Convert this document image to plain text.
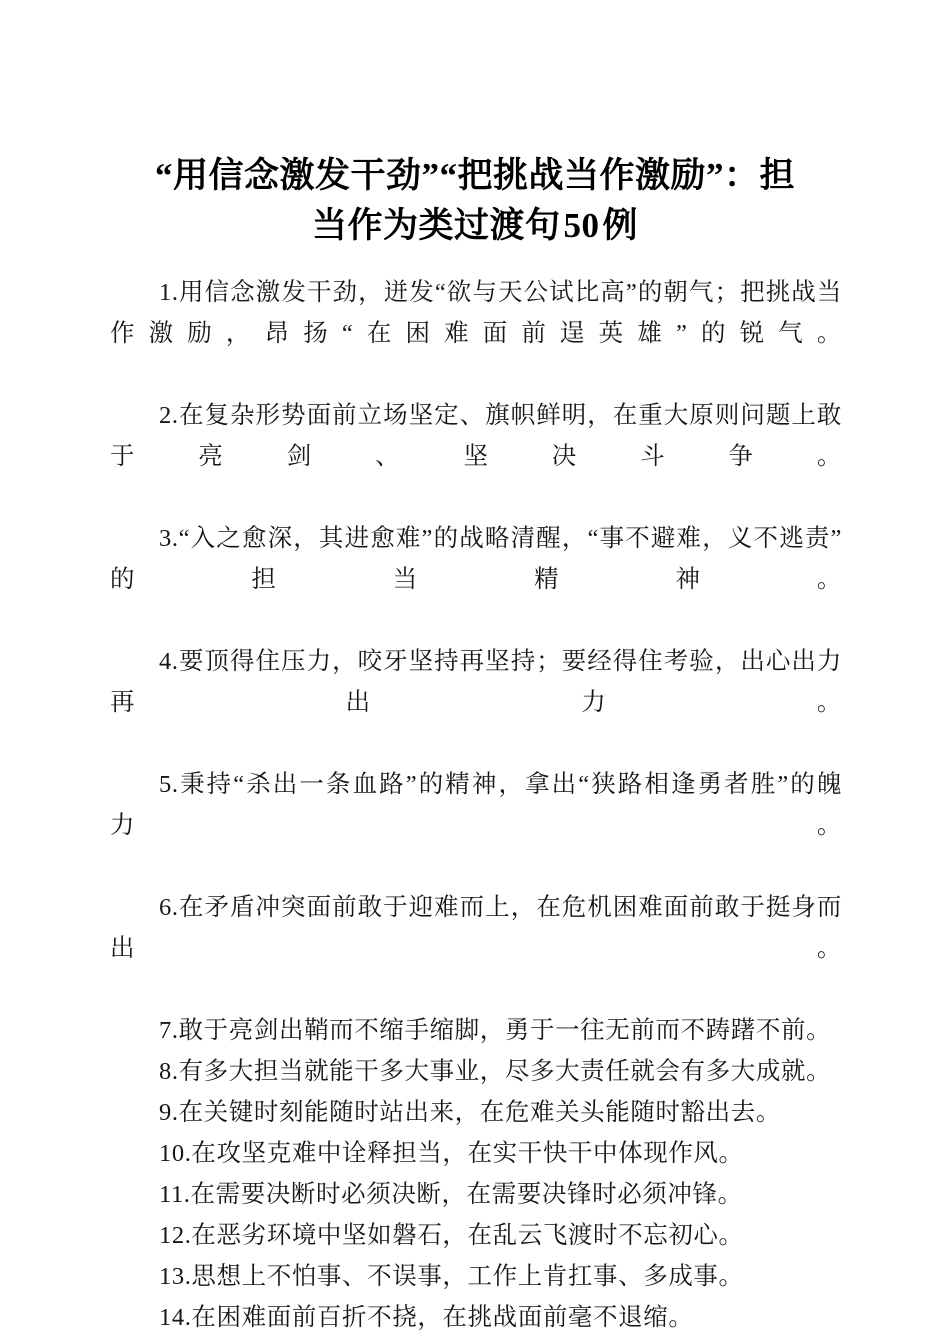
“用信念激发干劲”“把挑战当作激励”：担
当作为类过渡句50例

1.用信念激发干劲，迸发“欲与天公试比高”的朝气；把挑战当作激励，昂扬“在困难面前逞英雄”的锐气。

2.在复杂形势面前立场坚定、旗帜鲜明，在重大原则问题上敢于亮剑、坚决斗争。

3.“入之愈深，其进愈难”的战略清醒，“事不避难，义不逃责”的担当精神。

4.要顶得住压力，咬牙坚持再坚持；要经得住考验，出心出力再出力。

5.秉持“杀出一条血路”的精神，拿出“狭路相逢勇者胜”的魄力。

6.在矛盾冲突面前敢于迎难而上，在危机困难面前敢于挺身而出。

7.敢于亮剑出鞘而不缩手缩脚，勇于一往无前而不踌躇不前。

8.有多大担当就能干多大事业，尽多大责任就会有多大成就。

9.在关键时刻能随时站出来，在危难关头能随时豁出去。

10.在攻坚克难中诠释担当，在实干快干中体现作风。

11.在需要决断时必须决断，在需要决锋时必须冲锋。

12.在恶劣环境中坚如磐石，在乱云飞渡时不忘初心。

13.思想上不怕事、不误事，工作上肯扛事、多成事。

14.在困难面前百折不挠，在挑战面前毫不退缩。
